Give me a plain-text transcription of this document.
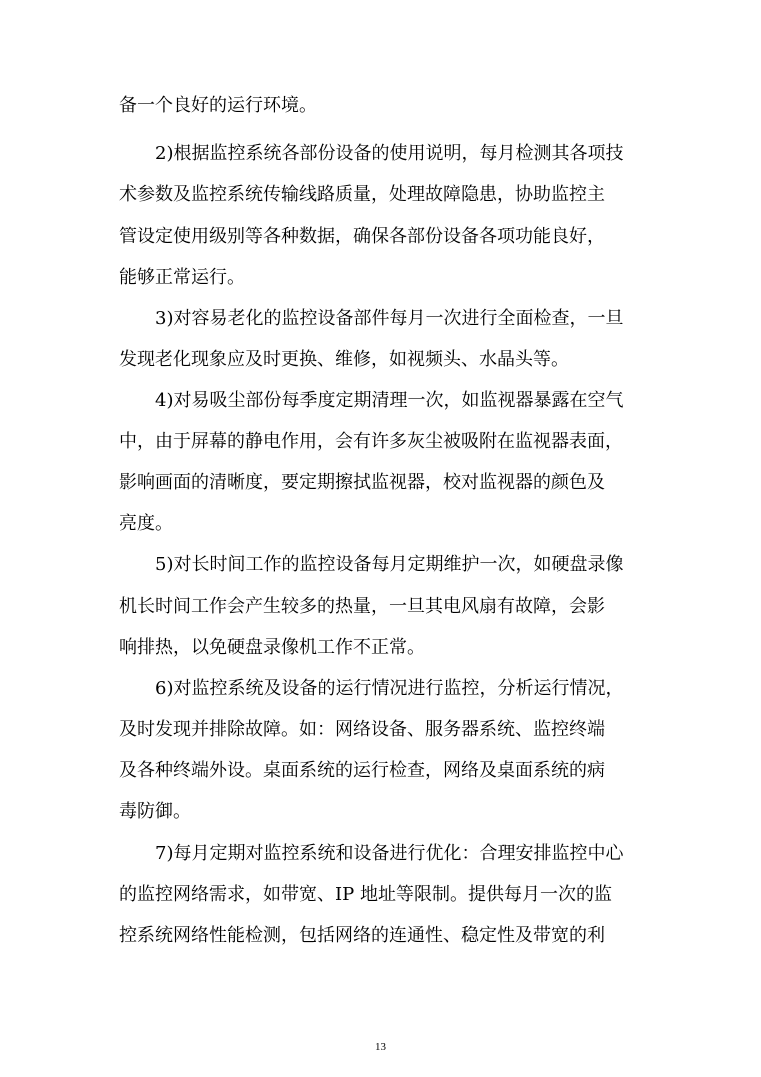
备一个良好的运行环境。
2)根据监控系统各部份设备的使用说明，每月检测其各项技
术参数及监控系统传输线路质量，处理故障隐患，协助监控主
管设定使用级别等各种数据，确保各部份设备各项功能良好，
能够正常运行。
3)对容易老化的监控设备部件每月一次进行全面检查，一旦
发现老化现象应及时更换、维修，如视频头、水晶头等。
4)对易吸尘部份每季度定期清理一次，如监视器暴露在空气
中，由于屏幕的静电作用，会有许多灰尘被吸附在监视器表面，
影响画面的清晰度，要定期擦拭监视器，校对监视器的颜色及
亮度。
5)对长时间工作的监控设备每月定期维护一次，如硬盘录像
机长时间工作会产生较多的热量，一旦其电风扇有故障，会影
响排热，以免硬盘录像机工作不正常。
6)对监控系统及设备的运行情况进行监控，分析运行情况，
及时发现并排除故障。如：网络设备、服务器系统、监控终端
及各种终端外设。桌面系统的运行检查，网络及桌面系统的病
毒防御。
7)每月定期对监控系统和设备进行优化：合理安排监控中心
的监控网络需求，如带宽、IP 地址等限制。提供每月一次的监
控系统网络性能检测，包括网络的连通性、稳定性及带宽的利
13
